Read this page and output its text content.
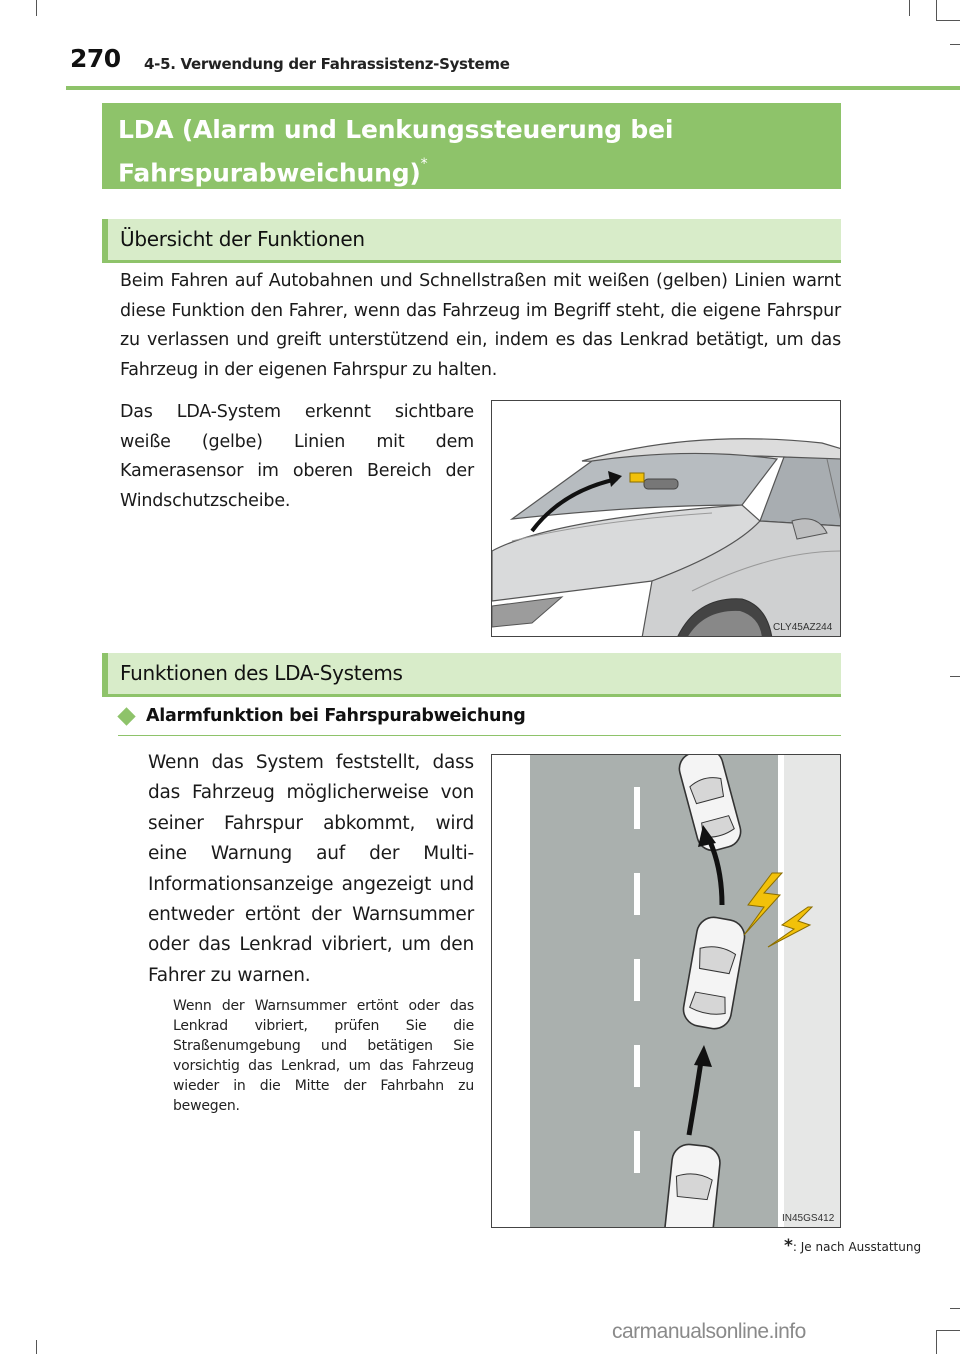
270 4-5. Verwendung der Fahrassistenz-Systeme
LDA (Alarm und Lenkungssteuerung bei
Fahrspurabweichung)*
Übersicht der Funktionen
Beim Fahren auf Autobahnen und Schnellstraßen mit weißen (gelben) Linien warnt diese Funktion den Fahrer, wenn das Fahrzeug im Begriff steht, die eigene Fahrspur zu verlassen und greift unterstützend ein, indem es das Lenkrad betätigt, um das Fahrzeug in der eigenen Fahrspur zu halten.
Das LDA-System erkennt sichtbare weiße (gelbe) Linien mit dem Kamerasensor im oberen Bereich der Windschutzscheibe.
CLY45AZ244
Funktionen des LDA-Systems
Alarmfunktion bei Fahrspurabweichung
Wenn das System feststellt, dass das Fahrzeug möglicherweise von seiner Fahrspur abkommt, wird eine Warnung auf der Multi-Informationsanzeige angezeigt und entweder ertönt der Warnsummer oder das Lenkrad vibriert, um den Fahrer zu warnen.
Wenn der Warnsummer ertönt oder das Lenkrad vibriert, prüfen Sie die Straßenumgebung und betätigen Sie vorsichtig das Lenkrad, um das Fahrzeug wieder in die Mitte der Fahrbahn zu bewegen.
IN45GS412
*: Je nach Ausstattung
carmanualsonline.info
